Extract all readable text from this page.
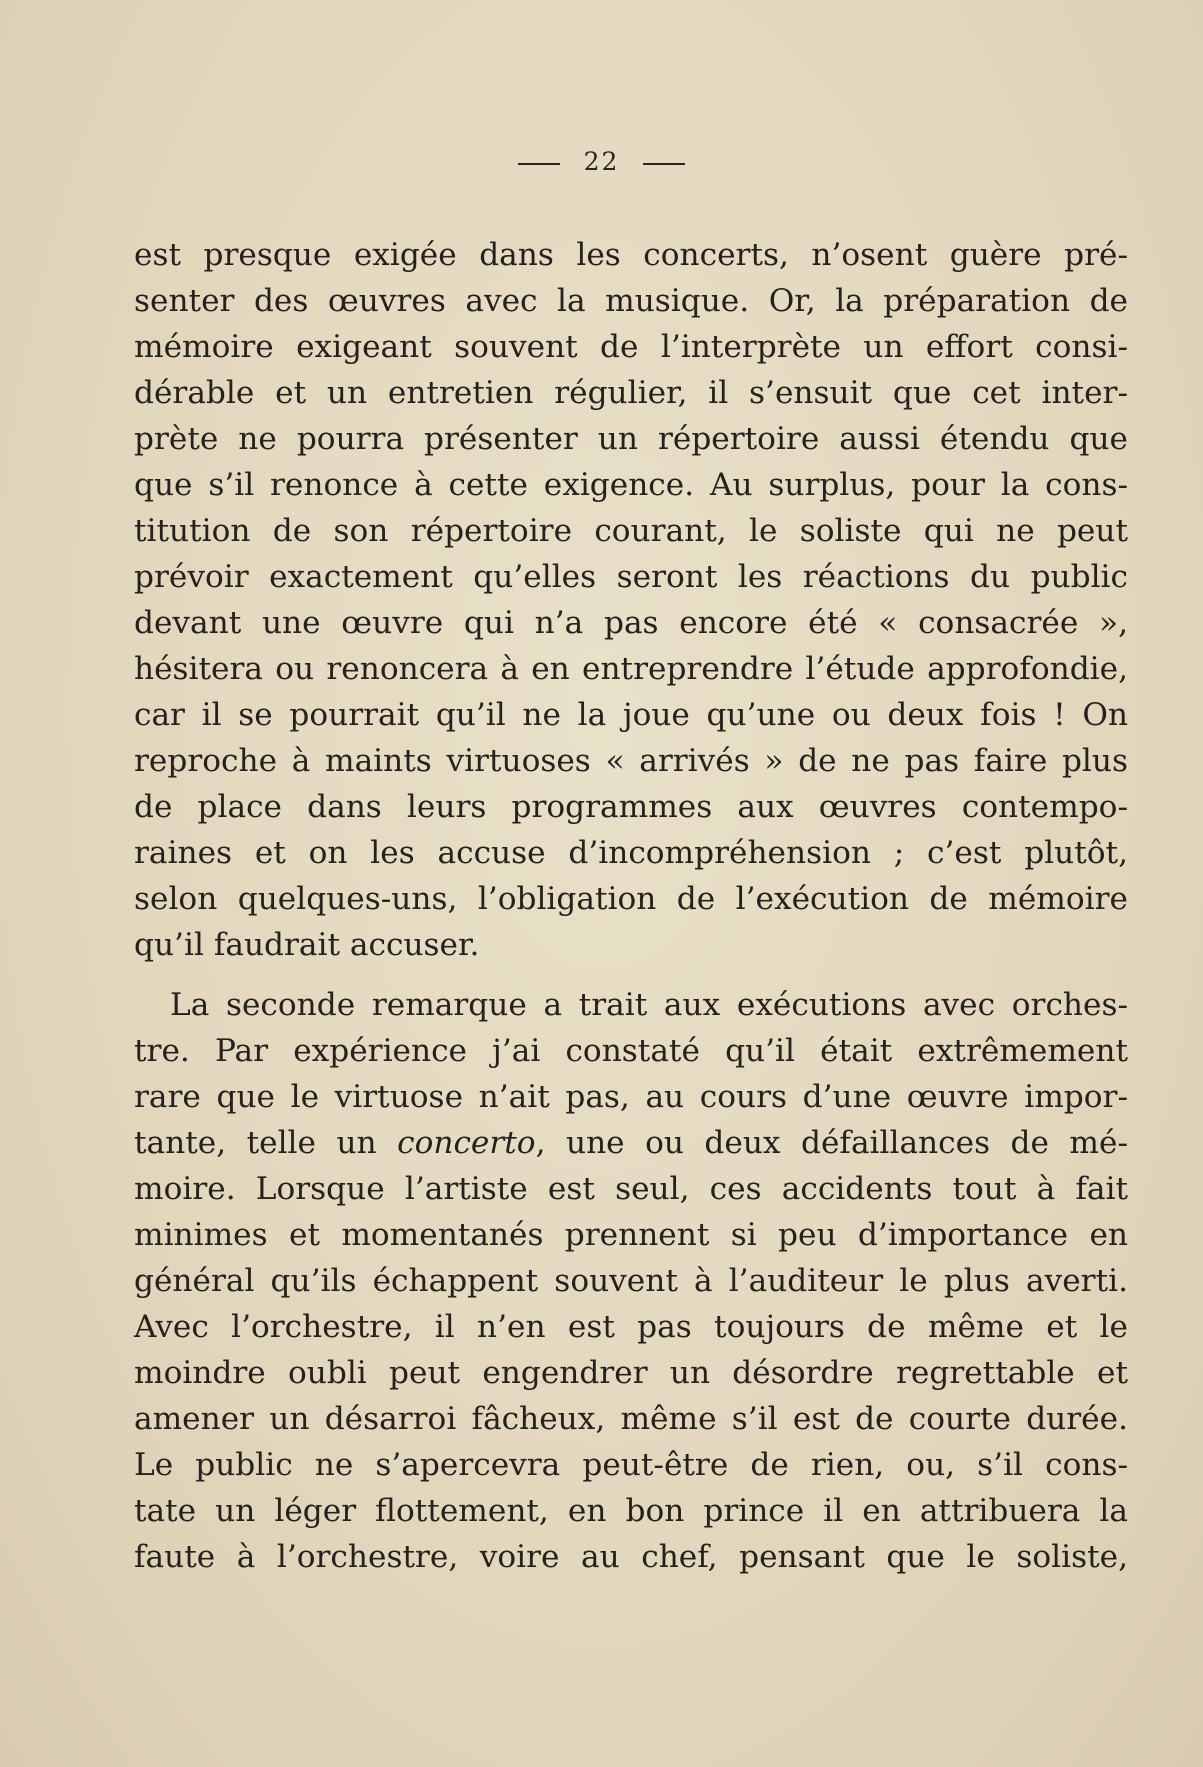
22
est presque exigée dans les concerts, n’osent guère pré-
senter des œuvres avec la musique. Or, la préparation de
mémoire exigeant souvent de l’interprète un effort consi-
dérable et un entretien régulier, il s’ensuit que cet inter-
prète ne pourra présenter un répertoire aussi étendu que
que s’il renonce à cette exigence. Au surplus, pour la cons-
titution de son répertoire courant, le soliste qui ne peut
prévoir exactement qu’elles seront les réactions du public
devant une œuvre qui n’a pas encore été « consacrée »,
hésitera ou renoncera à en entreprendre l’étude approfondie,
car il se pourrait qu’il ne la joue qu’une ou deux fois ! On
reproche à maints virtuoses « arrivés » de ne pas faire plus
de place dans leurs programmes aux œuvres contempo-
raines et on les accuse d’incompréhension ; c’est plutôt,
selon quelques-uns, l’obligation de l’exécution de mémoire
qu’il faudrait accuser.
La seconde remarque a trait aux exécutions avec orches-
tre. Par expérience j’ai constaté qu’il était extrêmement
rare que le virtuose n’ait pas, au cours d’une œuvre impor-
tante, telle un concerto, une ou deux défaillances de mé-
moire. Lorsque l’artiste est seul, ces accidents tout à fait
minimes et momentanés prennent si peu d’importance en
général qu’ils échappent souvent à l’auditeur le plus averti.
Avec l’orchestre, il n’en est pas toujours de même et le
moindre oubli peut engendrer un désordre regrettable et
amener un désarroi fâcheux, même s’il est de courte durée.
Le public ne s’apercevra peut-être de rien, ou, s’il cons-
tate un léger flottement, en bon prince il en attribuera la
faute à l’orchestre, voire au chef, pensant que le soliste,
